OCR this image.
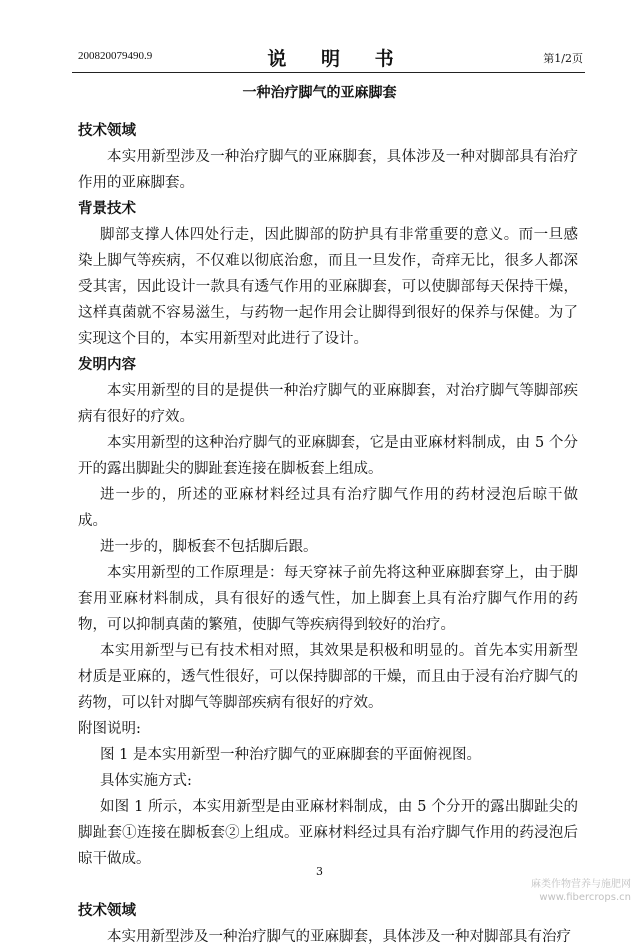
200820079490.9	说 明 书	第1/2页
一种治疗脚气的亚麻脚套

技术领域

本实用新型涉及一种治疗脚气的亚麻脚套，具体涉及一种对脚部具有治疗作用的亚麻脚套。

背景技术

脚部支撑人体四处行走，因此脚部的防护具有非常重要的意义。而一旦感染上脚气等疾病，不仅难以彻底治愈，而且一旦发作，奇痒无比，很多人都深受其害，因此设计一款具有透气作用的亚麻脚套，可以使脚部每天保持干燥，这样真菌就不容易滋生，与药物一起作用会让脚得到很好的保养与保健。为了实现这个目的，本实用新型对此进行了设计。

发明内容

本实用新型的目的是提供一种治疗脚气的亚麻脚套，对治疗脚气等脚部疾病有很好的疗效。

本实用新型的这种治疗脚气的亚麻脚套，它是由亚麻材料制成，由 5 个分开的露出脚趾尖的脚趾套连接在脚板套上组成。

进一步的，所述的亚麻材料经过具有治疗脚气作用的药材浸泡后晾干做成。

进一步的，脚板套不包括脚后跟。

本实用新型的工作原理是：每天穿袜子前先将这种亚麻脚套穿上，由于脚套用亚麻材料制成，具有很好的透气性，加上脚套上具有治疗脚气作用的药物，可以抑制真菌的繁殖，使脚气等疾病得到较好的治疗。

本实用新型与已有技术相对照，其效果是积极和明显的。首先本实用新型材质是亚麻的，透气性很好，可以保持脚部的干燥，而且由于浸有治疗脚气的药物，可以针对脚气等脚部疾病有很好的疗效。

附图说明:

图 1 是本实用新型一种治疗脚气的亚麻脚套的平面俯视图。

具体实施方式:

如图 1 所示，本实用新型是由亚麻材料制成，由 5 个分开的露出脚趾尖的脚趾套①连接在脚板套②上组成。亚麻材料经过具有治疗脚气作用的药浸泡后晾干做成。

技术领域

本实用新型涉及一种治疗脚气的亚麻脚套，具体涉及一种对脚部具有治疗

3
麻类作物营养与施肥网
www.fibercrops.cn
